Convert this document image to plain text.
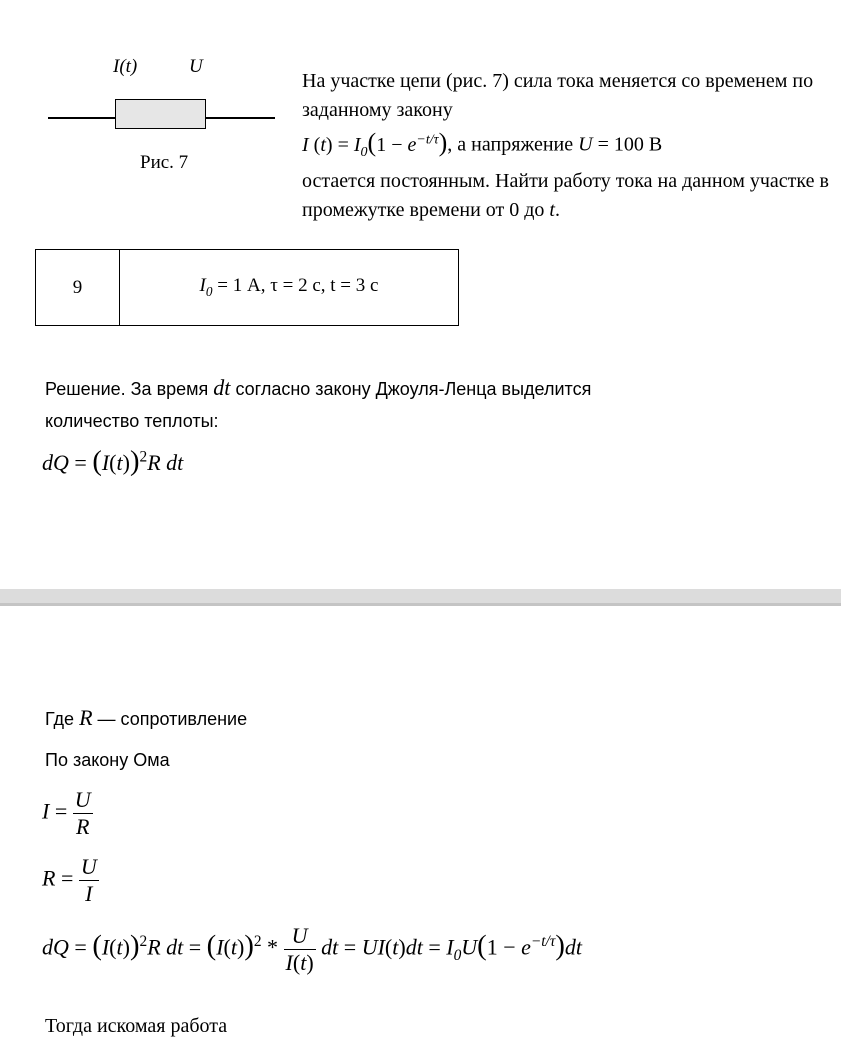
I(t)	U
Рис. 7
На участке цепи (рис. 7) сила тока меняется со временем по заданному закону
I $(t) = I_0(1 - e^{-t/\tau})$, а напряжение U = 100 В
остается постоянным. Найти работу тока на данном участке в промежутке времени от 0 до t.
9	$I_0 = 1$ А, τ = 2 с, t = 3 с
Решение. За время dt согласно закону Джоуля-Ленца выделится
количество теплоты:
dQ = $(I(t))^2R$ dt
Где R — сопротивление
По закону Ома
$I = \frac{U}{R}$
$R = \frac{U}{I}$
dQ = $(I(t))^2R$ dt = $(I(t))^2 * \frac{U}{I(t)}$ dt = $UI(t)dt = I_0U(1 - e^{-t/\tau})dt$
Тогда искомая работа
